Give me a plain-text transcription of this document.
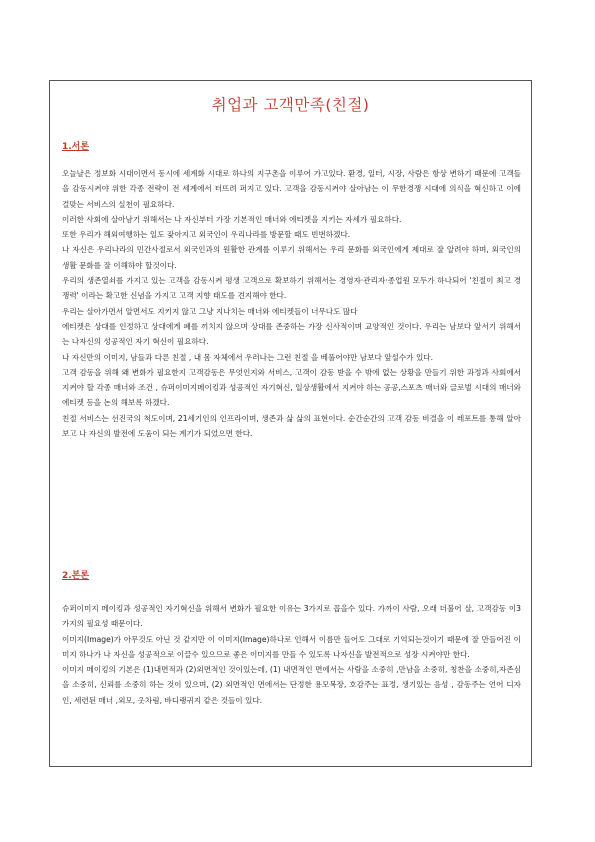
취업과 고객만족(친절)
1.서론

오늘날은 정보화 시대이면서 동시에 세계화 시대로 하나의 지구촌을 이루어 가고있다. 환경, 일터, 시장, 사람은 항상 변하기 때문에 고객들을 감동시켜야 위한 각종 전략이 전 세계에서 터뜨려 퍼지고 있다. 고객을 감동시켜야 살아남는 이 무한경쟁 시대에 의식을 혁신하고 이에 걸맞는 서비스의 실천이 필요하다.

이러한 사회에 살아남기 위해서는 나 자신부터 가장 기본적인 매너와 에티켓을 지키는 자세가 필요하다.

또한 우리가 해외여행하는 일도 잦아지고 외국인이 우리나라를 방문할 때도 빈번하겠다.

나 자신은 우리나라의 민간사절로서 외국인과의 원활한 관계를 이루기 위해서는 우리 문화를 외국인에게 제대로 잘 알려야 하며, 외국인의 생활 문화를 잘 이해하야 할것이다.

우리의 생존열쇠를 가지고 있는 고객을 감동시켜 평생 고객으로 확보하기 위해서는 경영자·관리자·종업원 모두가 하나되어 '친절이 최고 경쟁력' 이라는 확고한 신념을 가지고 고객 지향 태도를 견지해야 한다.

우리는 살아가면서 알면서도 지키지 않고 그냥 지나치는 매너와 에티켓들이 너무나도 많다

에티켓은 상대를 인정하고 상대에게 폐를 끼치지 않으며 상대를 존중하는 가장 신사적이며 교양적인 것이다. 우리는 남보다 앞서기 위해서는 나자신의 성공적인 자기 혁신이 필요하다.

나 자신만의 이미지, 남들과 다른 친절 , 내 몸 자체에서 우러나는 그런 친절 을 베풀어야만 남보다 앞설수가 있다.

고객 감동을 위해 왜 변화가 필요한지 고객감동은 무엇인지와 서비스, 고객이 감동 받을 수 밖에 없는 상황을 만들기 위한 과정과 사회에서 지켜야 할 각종 매너와 조건 , 슈퍼이미지메이킹과 성공적인 자기혁신, 일상생활에서 지켜야 하는 공공,스포츠 매너와 글로벌 시대의 매너와 에티켓 등을 논의 해보록 하겠다.

친절 서비스는 선진국의 척도이며, 21세기인의 인프라이며, 생존과 삶 삶의 표현이다. 순간순간의 고객 감동 비결을 이 레포트를 통해 알아보고 나 자신의 발전에 도움이 되는 계기가 되었으면 한다.

2.본론

슈퍼이미지 메이킹과 성공적인 자기혁신을 위해서 변화가 필요한 이유는 3가지로 꼽을수 있다. 가까이 사람, 오래 더불어 살, 고객감동 이3가지의 필요성 때문이다.

이미지(Image)가 아무것도 아닌 것 같지만 이 이미지(Image)하나로 인해서 이름만 들어도 그대로 기억되는것이기 때문에 잘 만들어진 이미지 하나가 나 자신을 성공적으로 이끌수 있으므로 좋은 이미지를 만들 수 있도록 나자신을 발전적으로 성장 시켜야만 한다.

이미지 메이킹의 기본은 (1)내면적과 (2)외면적인 것이있는데, (1) 내면적인 면에서는 사람을 소중히 ,만남을 소중히, 칭찬을 소중히,자존심을 소중히, 신뢰를 소중히 하는 것이 있으며, (2) 외면적인 면에서는 단정한 용모복장, 호감주는 표정, 생기있는 음성 , 감동주는 언어 디자인, 세련된 매너 ,외모, 옷차림, 바디랭귀지 같은 것들이 있다.
